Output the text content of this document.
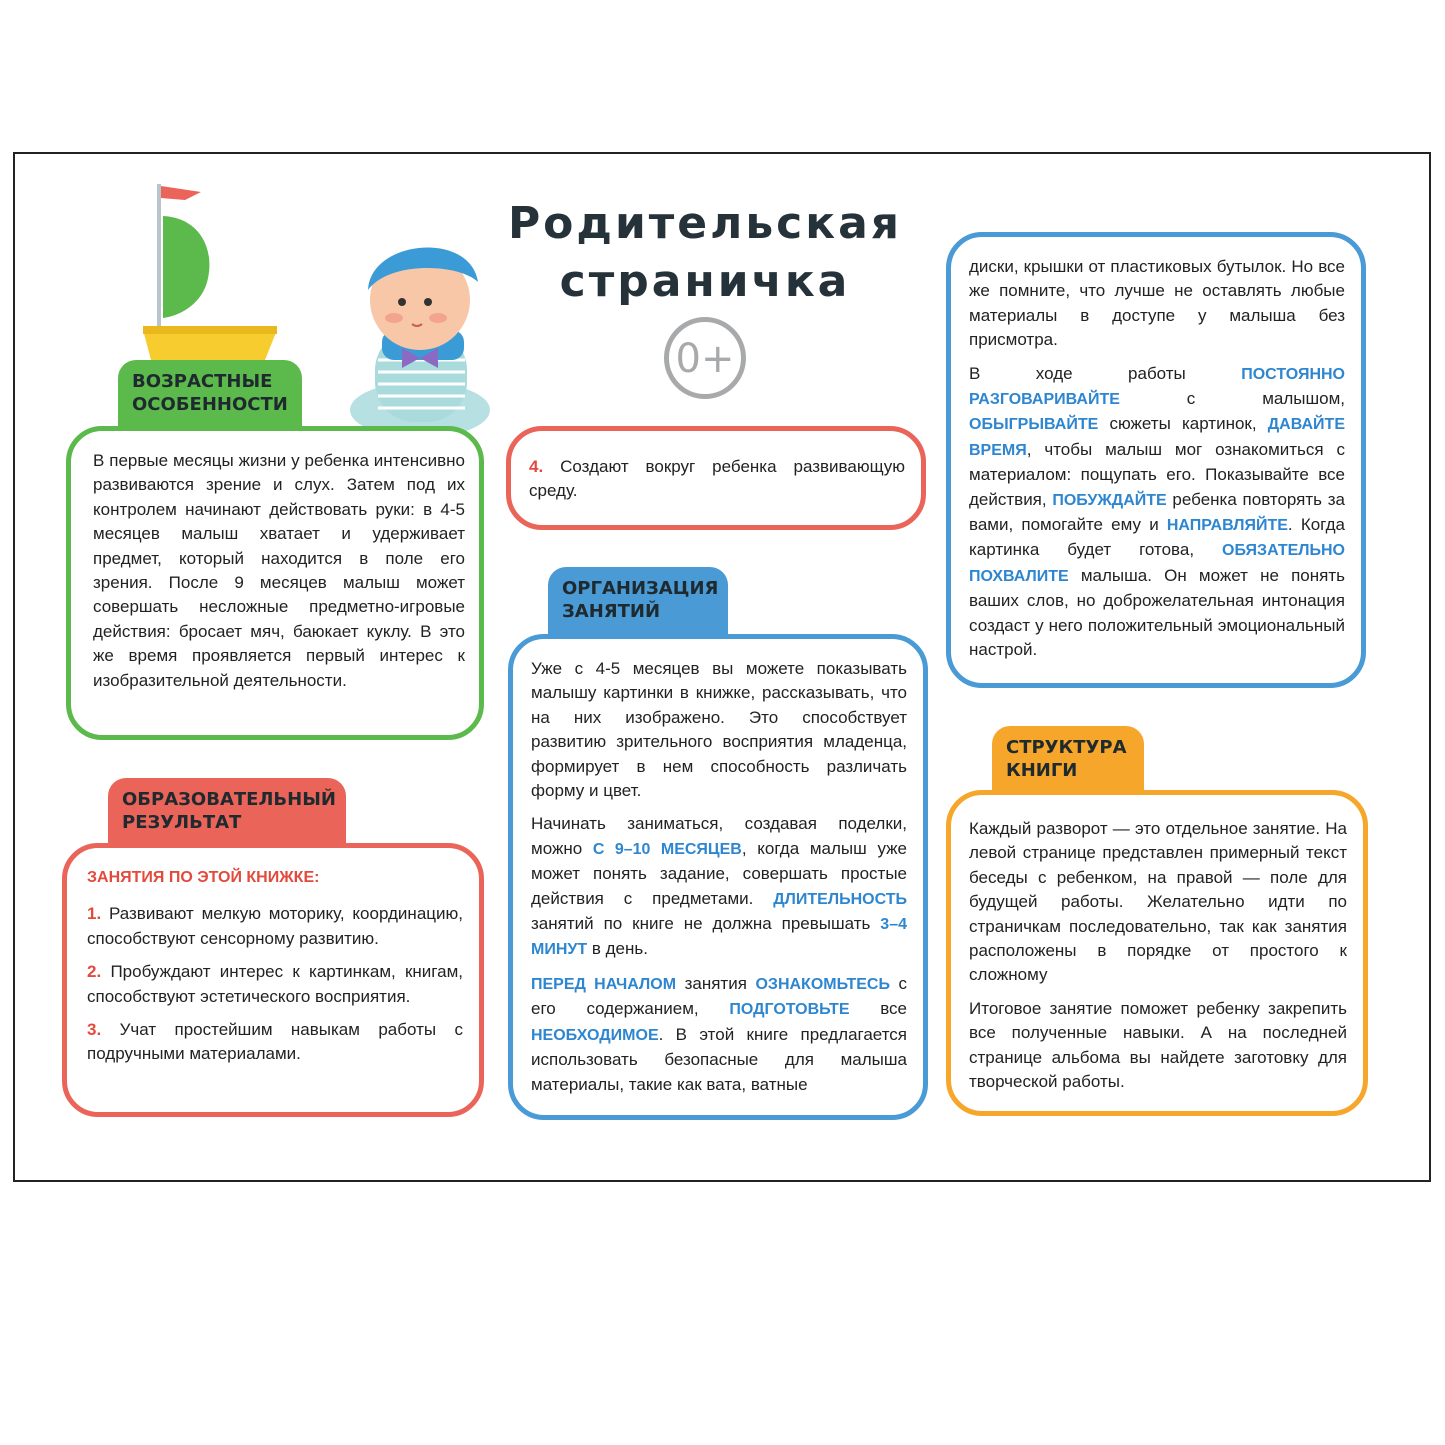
Родительская
страничка
0+
ВОЗРАСТНЫЕ ОСОБЕННОСТИ

В первые месяцы жизни у ребенка интенсивно развиваются зрение и слух. Затем под их контролем начинают действовать руки: в 4-5 месяцев малыш хватает и удерживает предмет, который находится в поле его зрения. После 9 месяцев малыш может совершать несложные предметно-игровые действия: бросает мяч, баюкает куклу. В это же время проявляется первый интерес к изобразительной деятельности.

ОБРАЗОВАТЕЛЬНЫЙ РЕЗУЛЬТАТ
ЗАНЯТИЯ ПО ЭТОЙ КНИЖКЕ:

1. Развивают мелкую моторику, координацию, способствуют сенсорному развитию.

2. Пробуждают интерес к картинкам, книгам, способствуют эстетического восприятия.

3. Учат простейшим навыкам работы с подручными материалами.

4. Создают вокруг ребенка развивающую среду.

ОРГАНИЗАЦИЯ ЗАНЯТИЙ

Уже с 4-5 месяцев вы можете показывать малышу картинки в книжке, рассказывать, что на них изображено. Это способствует развитию зрительного восприятия младенца, формирует в нем способность различать форму и цвет.

Начинать заниматься, создавая поделки, можно С 9–10 МЕСЯЦЕВ, когда малыш уже может понять задание, совершать простые действия с предметами. ДЛИТЕЛЬНОСТЬ занятий по книге не должна превышать 3–4 МИНУТ в день.

ПЕРЕД НАЧАЛОМ занятия ОЗНАКОМЬТЕСЬ с его содержанием, ПОДГОТОВЬТЕ все НЕОБХОДИМОЕ. В этой книге предлагается использовать безопасные для малыша материалы, такие как вата, ватные

диски, крышки от пластиковых бутылок. Но все же помните, что лучше не оставлять любые материалы в доступе у малыша без присмотра.

В ходе работы ПОСТОЯННО РАЗГОВАРИВАЙТЕ с малышом, ОБЫГРЫВАЙТЕ сюжеты картинок, ДАВАЙТЕ ВРЕМЯ, чтобы малыш мог ознакомиться с материалом: пощупать его. Показывайте все действия, ПОБУЖДАЙТЕ ребенка повторять за вами, помогайте ему и НАПРАВЛЯЙТЕ. Когда картинка будет готова, ОБЯЗАТЕЛЬНО ПОХВАЛИТЕ малыша. Он может не понять ваших слов, но доброжелательная интонация создаст у него положительный эмоциональный настрой.

СТРУКТУРА КНИГИ

Каждый разворот — это отдельное занятие. На левой странице представлен примерный текст беседы с ребенком, на правой — поле для будущей работы. Желательно идти по страничкам последовательно, так как занятия расположены в порядке от простого к сложному

Итоговое занятие поможет ребенку закрепить все полученные навыки. А на последней странице альбома вы найдете заготовку для творческой работы.
